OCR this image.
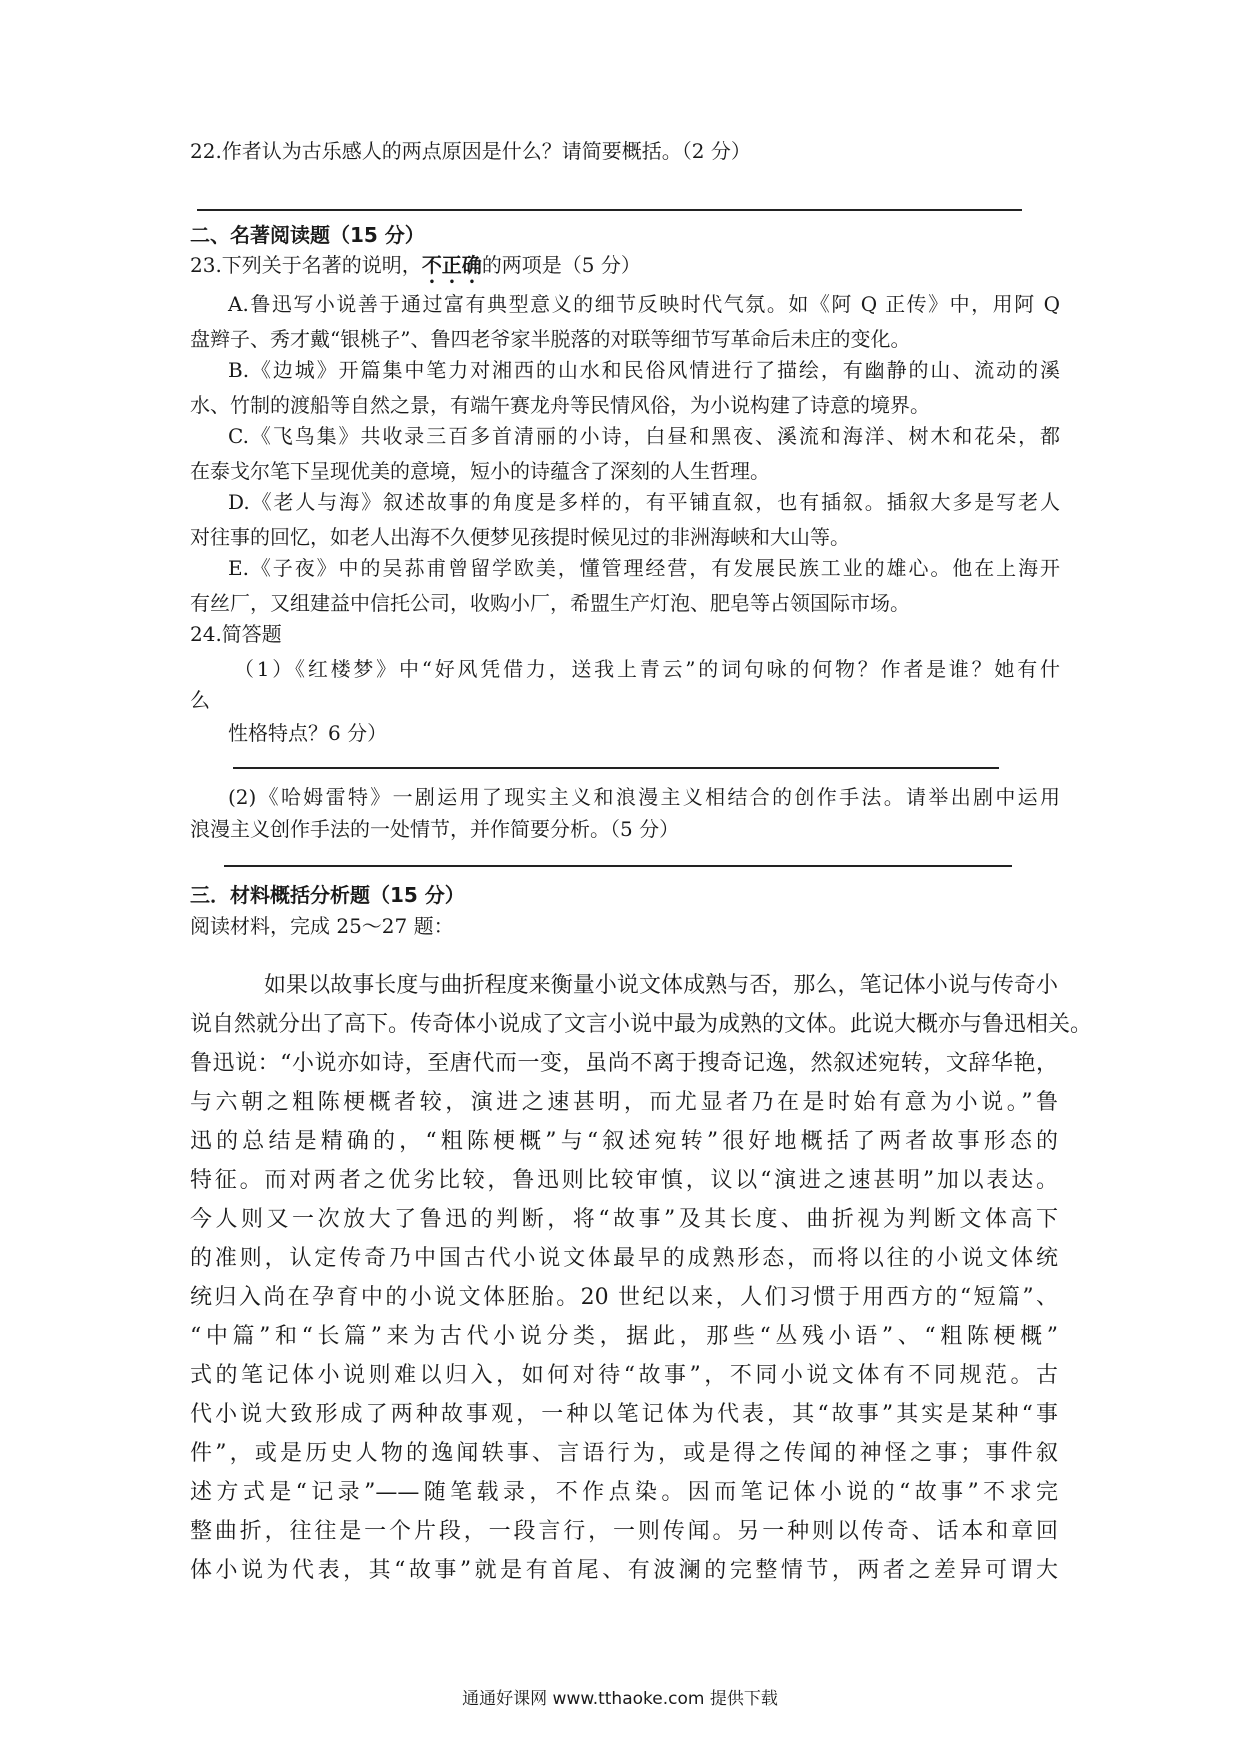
22.作者认为古乐感人的两点原因是什么？请简要概括。（2 分）
二、名著阅读题（15 分）
23.下列关于名著的说明，不正确的两项是（5 分）
A.鲁迅写小说善于通过富有典型意义的细节反映时代气氛。如《阿 Q 正传》中，用阿 Q
盘辫子、秀才戴“银桃子”、鲁四老爷家半脱落的对联等细节写革命后未庄的变化。
B.《边城》开篇集中笔力对湘西的山水和民俗风情进行了描绘，有幽静的山、流动的溪
水、竹制的渡船等自然之景，有端午赛龙舟等民情风俗，为小说构建了诗意的境界。
C.《飞鸟集》共收录三百多首清丽的小诗，白昼和黑夜、溪流和海洋、树木和花朵，都
在泰戈尔笔下呈现优美的意境，短小的诗蕴含了深刻的人生哲理。
D.《老人与海》叙述故事的角度是多样的，有平铺直叙，也有插叙。插叙大多是写老人
对往事的回忆，如老人出海不久便梦见孩提时候见过的非洲海峡和大山等。
E.《子夜》中的吴荪甫曾留学欧美，懂管理经营，有发展民族工业的雄心。他在上海开
有丝厂，又组建益中信托公司，收购小厂，希盟生产灯泡、肥皂等占领国际市场。
24.简答题
（1）《红楼梦》中“好风凭借力，送我上青云”的词句咏的何物？作者是谁？她有什
么
性格特点？6 分）
(2)《哈姆雷特》一剧运用了现实主义和浪漫主义相结合的创作手法。请举出剧中运用
浪漫主义创作手法的一处情节，并作简要分析。（5 分）
三．材料概括分析题（15 分）
阅读材料，完成 25～27 题：
如果以故事长度与曲折程度来衡量小说文体成熟与否，那么，笔记体小说与传奇小
说自然就分出了高下。传奇体小说成了文言小说中最为成熟的文体。此说大概亦与鲁迅相关。
鲁迅说：“小说亦如诗，至唐代而一变，虽尚不离于搜奇记逸，然叙述宛转，文辞华艳，
与六朝之粗陈梗概者较，演进之速甚明，而尤显者乃在是时始有意为小说。”鲁
迅的总结是精确的，“粗陈梗概”与“叙述宛转”很好地概括了两者故事形态的
特征。而对两者之优劣比较，鲁迅则比较审慎，议以“演进之速甚明”加以表达。
今人则又一次放大了鲁迅的判断，将“故事”及其长度、曲折视为判断文体高下
的准则，认定传奇乃中国古代小说文体最早的成熟形态，而将以往的小说文体统
统归入尚在孕育中的小说文体胚胎。20 世纪以来，人们习惯于用西方的“短篇”、
“中篇”和“长篇”来为古代小说分类，据此，那些“丛残小语”、“粗陈梗概”
式的笔记体小说则难以归入，如何对待“故事”，不同小说文体有不同规范。古
代小说大致形成了两种故事观，一种以笔记体为代表，其“故事”其实是某种“事
件”，或是历史人物的逸闻轶事、言语行为，或是得之传闻的神怪之事；事件叙
述方式是“记录”——随笔载录，不作点染。因而笔记体小说的“故事”不求完
整曲折，往往是一个片段，一段言行，一则传闻。另一种则以传奇、话本和章回
体小说为代表，其“故事”就是有首尾、有波澜的完整情节，两者之差异可谓大
通通好课网 www.tthaoke.com 提供下载
